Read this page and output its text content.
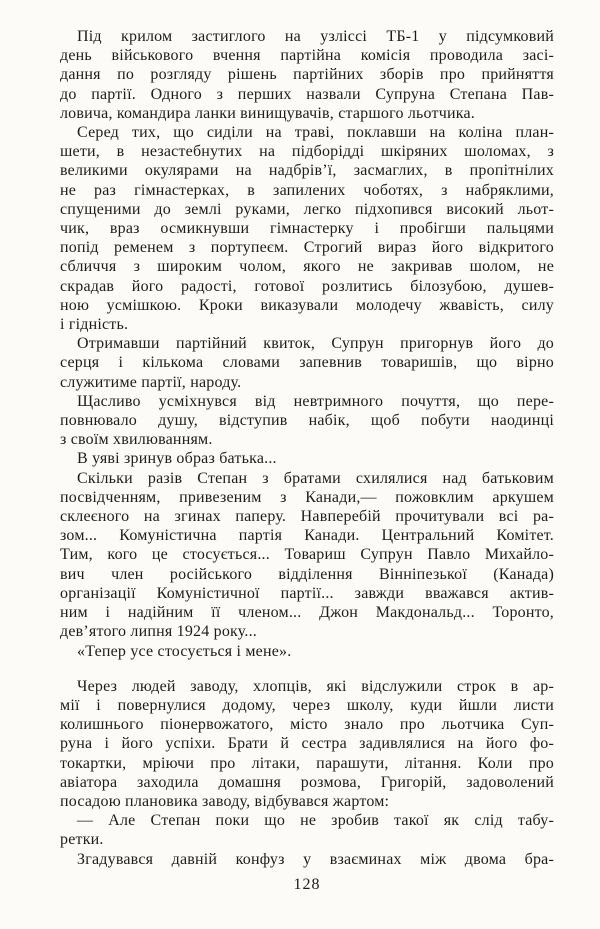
Під крилом застиглого на узліссі ТБ-1 у підсумковий
день військового вчення партійна комісія проводила засі-
дання по розгляду рішень партійних зборів про прийняття
до партії. Одного з перших назвали Супруна Степана Пав-
ловича, командира ланки винищувачів, старшого льотчика.
Серед тих, що сиділи на траві, поклавши на коліна план-
шети, в незастебнутих на підборідді шкіряних шоломах, з
великими окулярами на надбрів’ї, засмаглих, в пропітнілих
не раз гімнастерках, в запилених чоботях, з набряклими,
спущеними до землі руками, легко підхопився високий льот-
чик, враз осмикнувши гімнастерку і пробігши пальцями
попід ременем з портупеєм. Строгий вираз його відкритого
сбличчя з широким чолом, якого не закривав шолом, не
скрадав його радості, готової розлитись білозубою, душев-
ною усмішкою. Кроки виказували молодечу жвавість, силу
і гідність.
Отримавши партійний квиток, Супрун пригорнув його до
серця і кількома словами запевнив товаришів, що вірно
служитиме партії, народу.
Щасливо усміхнувся від невтримного почуття, що пере-
повнювало душу, відступив набік, щоб побути наодинці
з своїм хвилюванням.
В уяві зринув образ батька...
Скільки разів Степан з братами схилялися над батьковим
посвідченням, привезеним з Канади,— пожовклим аркушем
склеєного на згинах паперу. Навперебій прочитували всі ра-
зом... Комуністична партія Канади. Центральний Комітет.
Тим, кого це стосується... Товариш Супрун Павло Михайло-
вич член російського відділення Вінніпезької (Канада)
організації Комуністичної партії... завжди вважався актив-
ним і надійним її членом... Джон Макдональд... Торонто,
дев’ятого липня 1924 року...
«Тепер усе стосується і мене».
Через людей заводу, хлопців, які відслужили строк в ар-
мії і повернулися додому, через школу, куди йшли листи
колишнього піонервожатого, місто знало про льотчика Суп-
руна і його успіхи. Брати й сестра задивлялися на його фо-
токартки, мріючи про літаки, парашути, літання. Коли про
авіатора заходила домашня розмова, Григорій, задоволений
посадою плановика заводу, відбувався жартом:
— Але Степан поки що не зробив такої як слід табу-
ретки.
Згадувався давній конфуз у взаєминах між двома бра-
128
